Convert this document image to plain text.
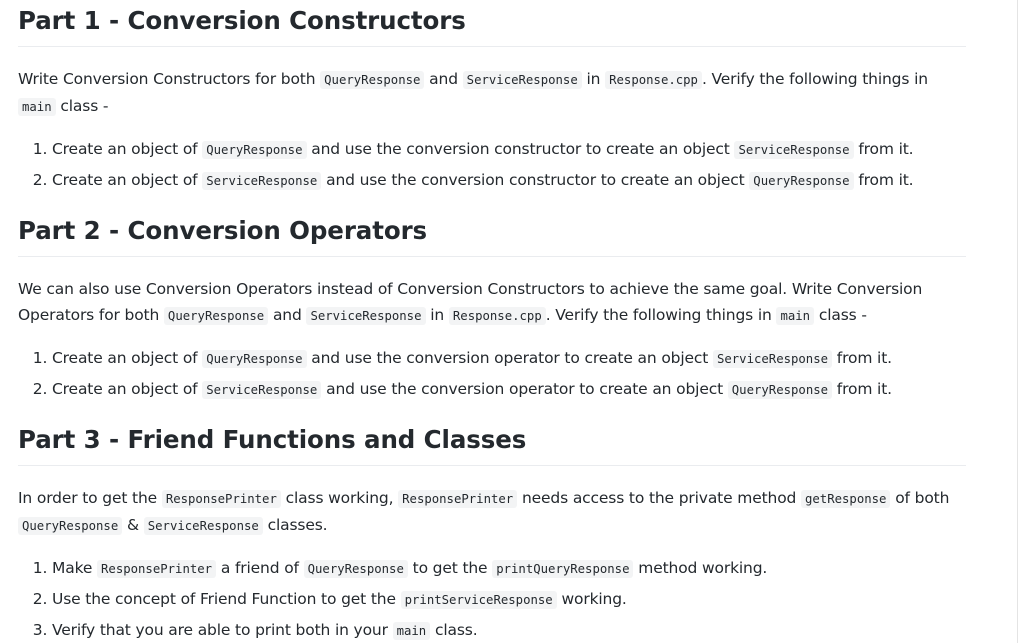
Part 1 - Conversion Constructors

Write Conversion Constructors for both QueryResponse and ServiceResponse in Response.cpp . Verify the following things in main class -

1. Create an object of QueryResponse and use the conversion constructor to create an object ServiceResponse from it.
2. Create an object of ServiceResponse and use the conversion constructor to create an object QueryResponse from it.
Part 2 - Conversion Operators

We can also use Conversion Operators instead of Conversion Constructors to achieve the same goal. Write Conversion Operators for both QueryResponse and ServiceResponse in Response.cpp . Verify the following things in main class -

1. Create an object of QueryResponse and use the conversion operator to create an object ServiceResponse from it.
2. Create an object of ServiceResponse and use the conversion operator to create an object QueryResponse from it.
Part 3 - Friend Functions and Classes

In order to get the ResponsePrinter class working, ResponsePrinter needs access to the private method getResponse of both QueryResponse & ServiceResponse classes.

1. Make ResponsePrinter a friend of QueryResponse to get the printQueryResponse method working.
2. Use the concept of Friend Function to get the printServiceResponse working.
3. Verify that you are able to print both in your main class.
